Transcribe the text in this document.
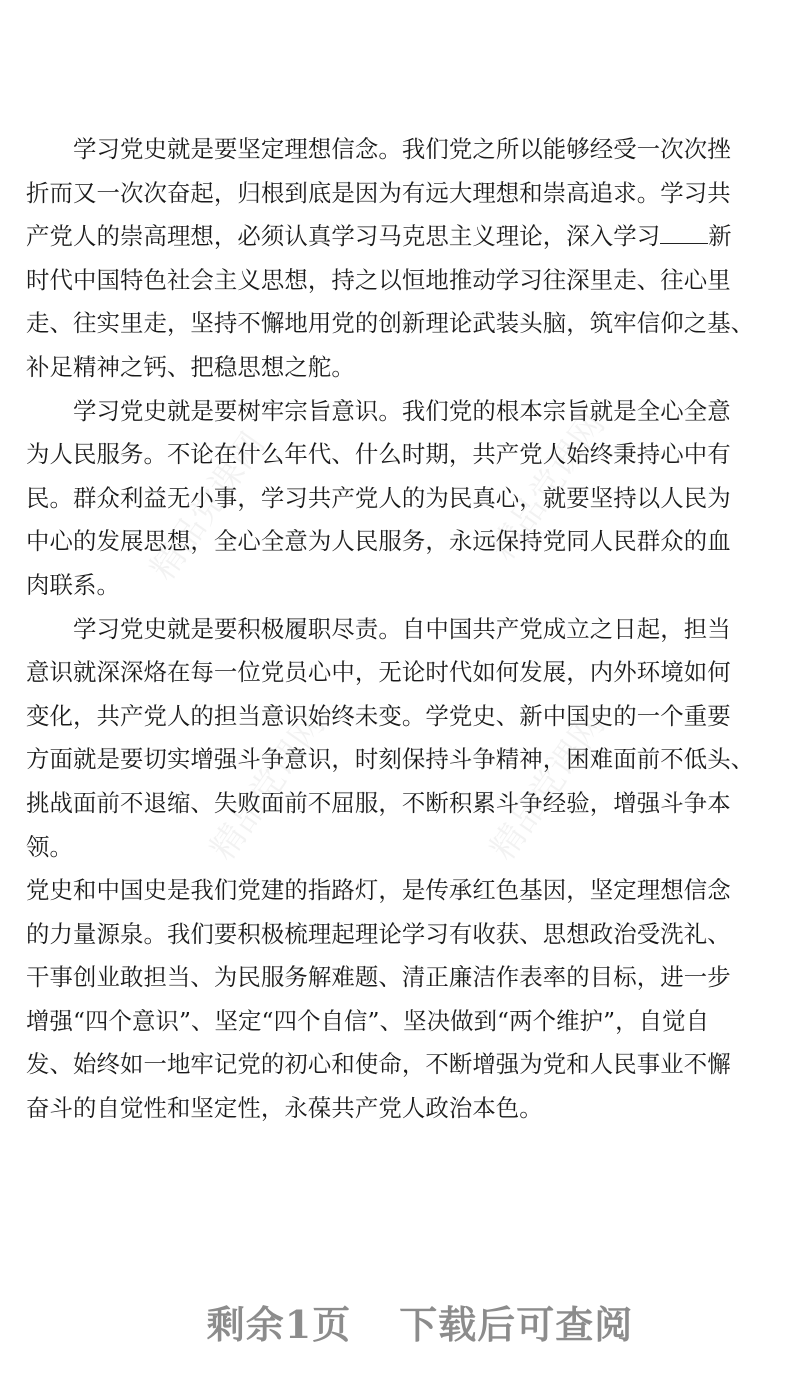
精品党课网	精品党课网
精品党课网	精品党课网
学习党史就是要坚定理想信念。我们党之所以能够经受一次次挫
折而又一次次奋起，归根到底是因为有远大理想和崇高追求。学习共
产党人的崇高理想，必须认真学习马克思主义理论，深入学习 新
时代中国特色社会主义思想，持之以恒地推动学习往深里走、往心里
走、往实里走，坚持不懈地用党的创新理论武装头脑，筑牢信仰之基、
补足精神之钙、把稳思想之舵。
学习党史就是要树牢宗旨意识。我们党的根本宗旨就是全心全意
为人民服务。不论在什么年代、什么时期，共产党人始终秉持心中有
民。群众利益无小事，学习共产党人的为民真心，就要坚持以人民为
中心的发展思想，全心全意为人民服务，永远保持党同人民群众的血
肉联系。
学习党史就是要积极履职尽责。自中国共产党成立之日起，担当
意识就深深烙在每一位党员心中，无论时代如何发展，内外环境如何
变化，共产党人的担当意识始终未变。学党史、新中国史的一个重要
方面就是要切实增强斗争意识，时刻保持斗争精神，困难面前不低头、
挑战面前不退缩、失败面前不屈服，不断积累斗争经验，增强斗争本
领。
党史和中国史是我们党建的指路灯，是传承红色基因，坚定理想信念
的力量源泉。我们要积极梳理起理论学习有收获、思想政治受洗礼、
干事创业敢担当、为民服务解难题、清正廉洁作表率的目标，进一步
增强“四个意识”、坚定“四个自信”、坚决做到“两个维护”，自觉自
发、始终如一地牢记党的初心和使命，不断增强为党和人民事业不懈
奋斗的自觉性和坚定性，永葆共产党人政治本色。
剩余1页 下载后可查阅
